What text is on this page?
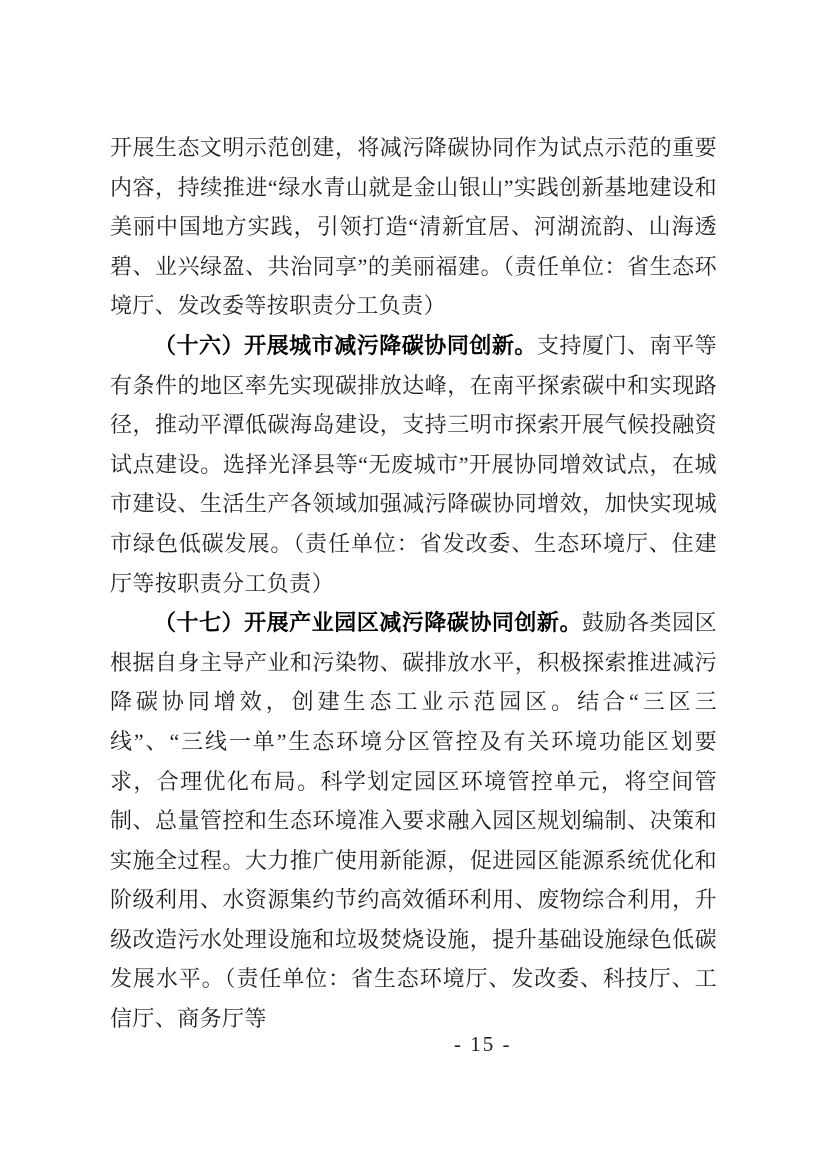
开展生态文明示范创建，将减污降碳协同作为试点示范的重要内容，持续推进“绿水青山就是金山银山”实践创新基地建设和美丽中国地方实践，引领打造“清新宜居、河湖流韵、山海透碧、业兴绿盈、共治同享”的美丽福建。（责任单位：省生态环境厅、发改委等按职责分工负责）

（十六）开展城市减污降碳协同创新。支持厦门、南平等有条件的地区率先实现碳排放达峰，在南平探索碳中和实现路径，推动平潭低碳海岛建设，支持三明市探索开展气候投融资试点建设。选择光泽县等“无废城市”开展协同增效试点，在城市建设、生活生产各领域加强减污降碳协同增效，加快实现城市绿色低碳发展。（责任单位：省发改委、生态环境厅、住建厅等按职责分工负责）

（十七）开展产业园区减污降碳协同创新。鼓励各类园区根据自身主导产业和污染物、碳排放水平，积极探索推进减污降碳协同增效，创建生态工业示范园区。结合“三区三线”、“三线一单”生态环境分区管控及有关环境功能区划要求，合理优化布局。科学划定园区环境管控单元，将空间管制、总量管控和生态环境准入要求融入园区规划编制、决策和实施全过程。大力推广使用新能源，促进园区能源系统优化和阶级利用、水资源集约节约高效循环利用、废物综合利用，升级改造污水处理设施和垃圾焚烧设施，提升基础设施绿色低碳发展水平。（责任单位：省生态环境厅、发改委、科技厅、工信厅、商务厅等

- 15 -
